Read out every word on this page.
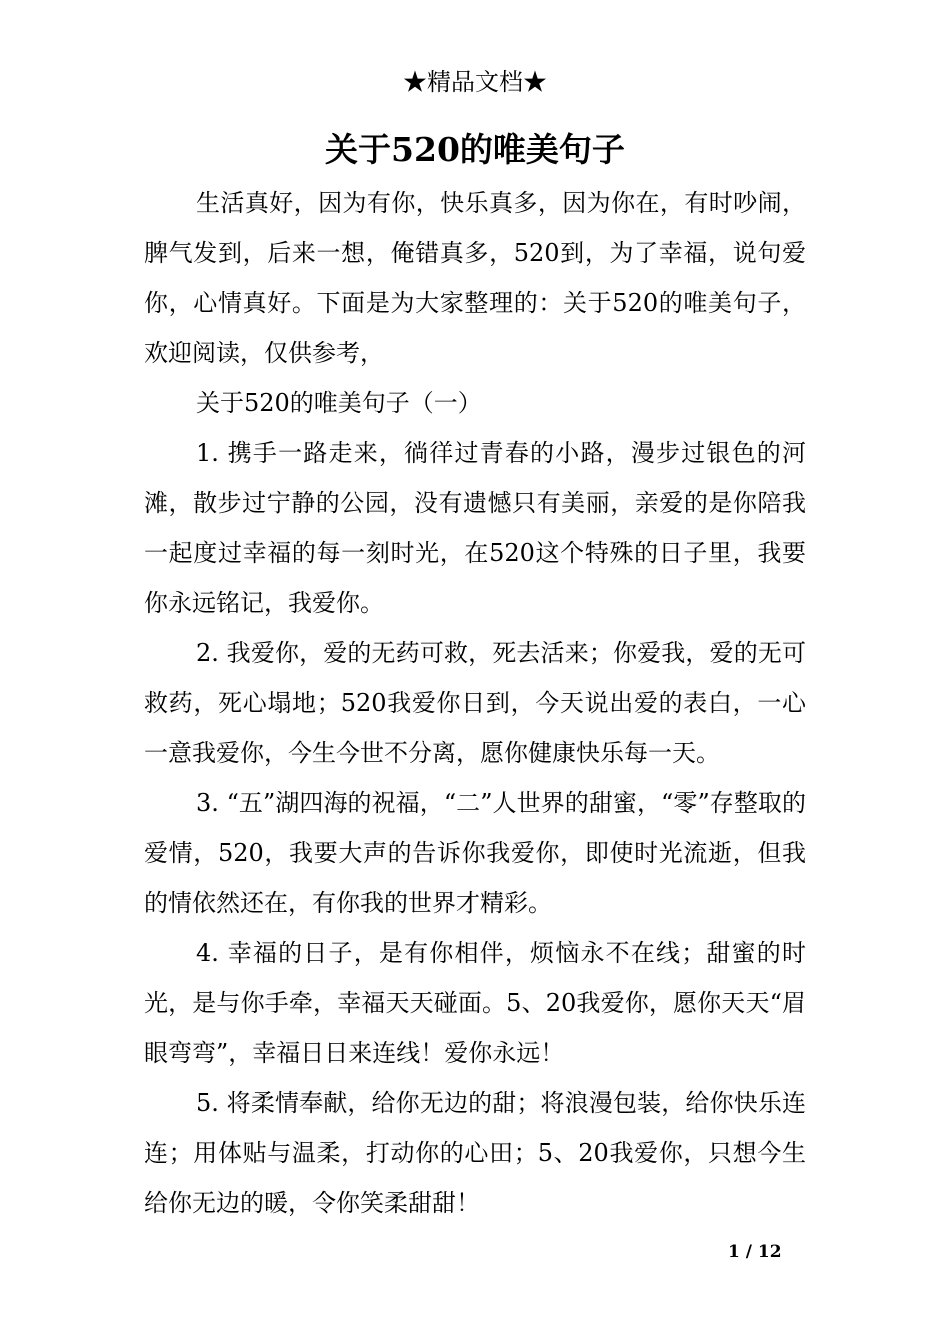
★精品文档★
关于520的唯美句子

生活真好，因为有你，快乐真多，因为你在，有时吵闹，脾气发到，后来一想，俺错真多，520到，为了幸福，说句爱你，心情真好。下面是为大家整理的：关于520的唯美句子，欢迎阅读，仅供参考，

关于520的唯美句子（一）

1. 携手一路走来，徜徉过青春的小路，漫步过银色的河滩，散步过宁静的公园，没有遗憾只有美丽，亲爱的是你陪我一起度过幸福的每一刻时光，在520这个特殊的日子里，我要你永远铭记，我爱你。

2. 我爱你，爱的无药可救，死去活来；你爱我，爱的无可救药，死心塌地；520我爱你日到，今天说出爱的表白，一心一意我爱你，今生今世不分离，愿你健康快乐每一天。

3. “五”湖四海的祝福，“二”人世界的甜蜜，“零”存整取的爱情，520，我要大声的告诉你我爱你，即使时光流逝，但我的情依然还在，有你我的世界才精彩。

4. 幸福的日子，是有你相伴，烦恼永不在线；甜蜜的时光，是与你手牵，幸福天天碰面。5、20我爱你，愿你天天“眉眼弯弯”，幸福日日来连线！爱你永远！

5. 将柔情奉献，给你无边的甜；将浪漫包装，给你快乐连连；用体贴与温柔，打动你的心田；5、20我爱你，只想今生给你无边的暖，令你笑柔甜甜！

1 / 12
